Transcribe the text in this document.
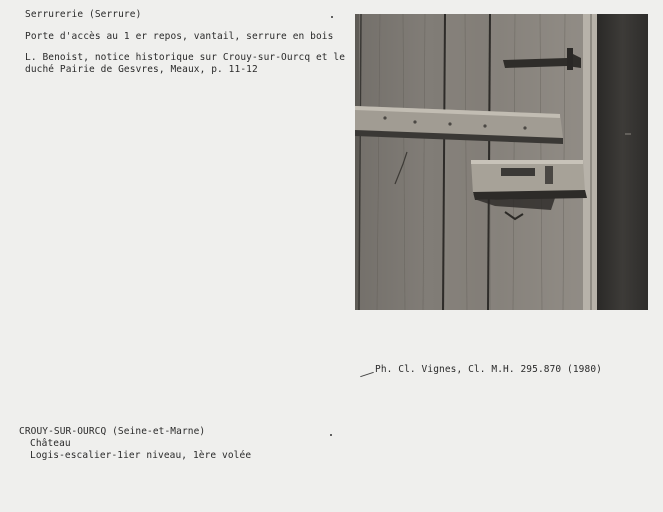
Serrurerie (Serrure)
Porte d'accès au 1 er repos, vantail, serrure en bois
L. Benoist, notice historique sur Crouy-sur-Ourcq et le
duché Pairie de Gesvres, Meaux, p. 11-12
Ph. Cl. Vignes, Cl. M.H. 295.870 (1980)
CROUY-SUR-OURCQ (Seine-et-Marne)
Château
Logis-escalier-1ier niveau, 1ère volée
